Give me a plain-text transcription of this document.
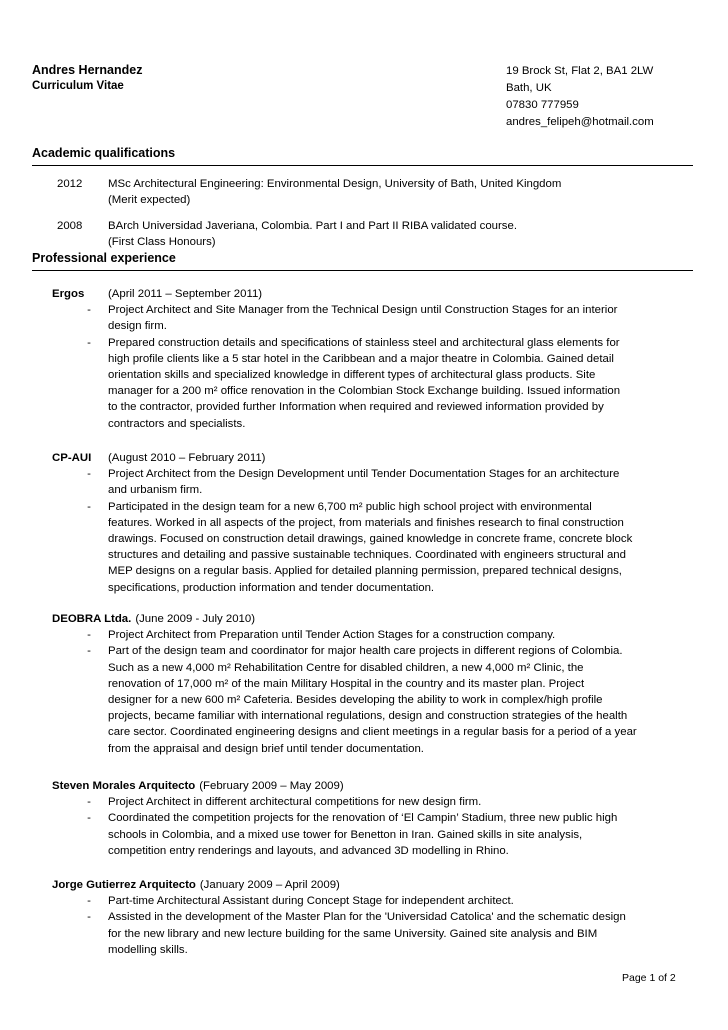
Andres Hernandez
Curriculum Vitae
19 Brock St, Flat 2, BA1 2LW
Bath, UK
07830 777959
andres_felipeh@hotmail.com
Academic qualifications
2012 MSc Architectural Engineering: Environmental Design, University of Bath, United Kingdom
(Merit expected)
2008 BArch Universidad Javeriana, Colombia. Part I and Part II RIBA validated course.
(First Class Honours)
Professional experience
Ergos (April 2011 – September 2011)
- Project Architect and Site Manager from the Technical Design until Construction Stages for an interior
design firm.
- Prepared construction details and specifications of stainless steel and architectural glass elements for
high profile clients like a 5 star hotel in the Caribbean and a major theatre in Colombia. Gained detail
orientation skills and specialized knowledge in different types of architectural glass products. Site
manager for a 200 m² office renovation in the Colombian Stock Exchange building. Issued information
to the contractor, provided further Information when required and reviewed information provided by
contractors and specialists.
CP-AUI (August 2010 – February 2011)
- Project Architect from the Design Development until Tender Documentation Stages for an architecture
and urbanism firm.
- Participated in the design team for a new 6,700 m² public high school project with environmental
features. Worked in all aspects of the project, from materials and finishes research to final construction
drawings. Focused on construction detail drawings, gained knowledge in concrete frame, concrete block
structures and detailing and passive sustainable techniques. Coordinated with engineers structural and
MEP designs on a regular basis. Applied for detailed planning permission, prepared technical designs,
specifications, production information and tender documentation.
DEOBRA Ltda. (June 2009 - July 2010)
- Project Architect from Preparation until Tender Action Stages for a construction company.
- Part of the design team and coordinator for major health care projects in different regions of Colombia.
Such as a new 4,000 m² Rehabilitation Centre for disabled children, a new 4,000 m² Clinic, the
renovation of 17,000 m² of the main Military Hospital in the country and its master plan. Project
designer for a new 600 m² Cafeteria. Besides developing the ability to work in complex/high profile
projects, became familiar with international regulations, design and construction strategies of the health
care sector. Coordinated engineering designs and client meetings in a regular basis for a period of a year
from the appraisal and design brief until tender documentation.
Steven Morales Arquitecto (February 2009 – May 2009)
- Project Architect in different architectural competitions for new design firm.
- Coordinated the competition projects for the renovation of ‘El Campin’ Stadium, three new public high
schools in Colombia, and a mixed use tower for Benetton in Iran. Gained skills in site analysis,
competition entry renderings and layouts, and advanced 3D modelling in Rhino.
Jorge Gutierrez Arquitecto (January 2009 – April 2009)
- Part-time Architectural Assistant during Concept Stage for independent architect.
- Assisted in the development of the Master Plan for the 'Universidad Catolica' and the schematic design
for the new library and new lecture building for the same University. Gained site analysis and BIM
modelling skills.
Page 1 of 2
